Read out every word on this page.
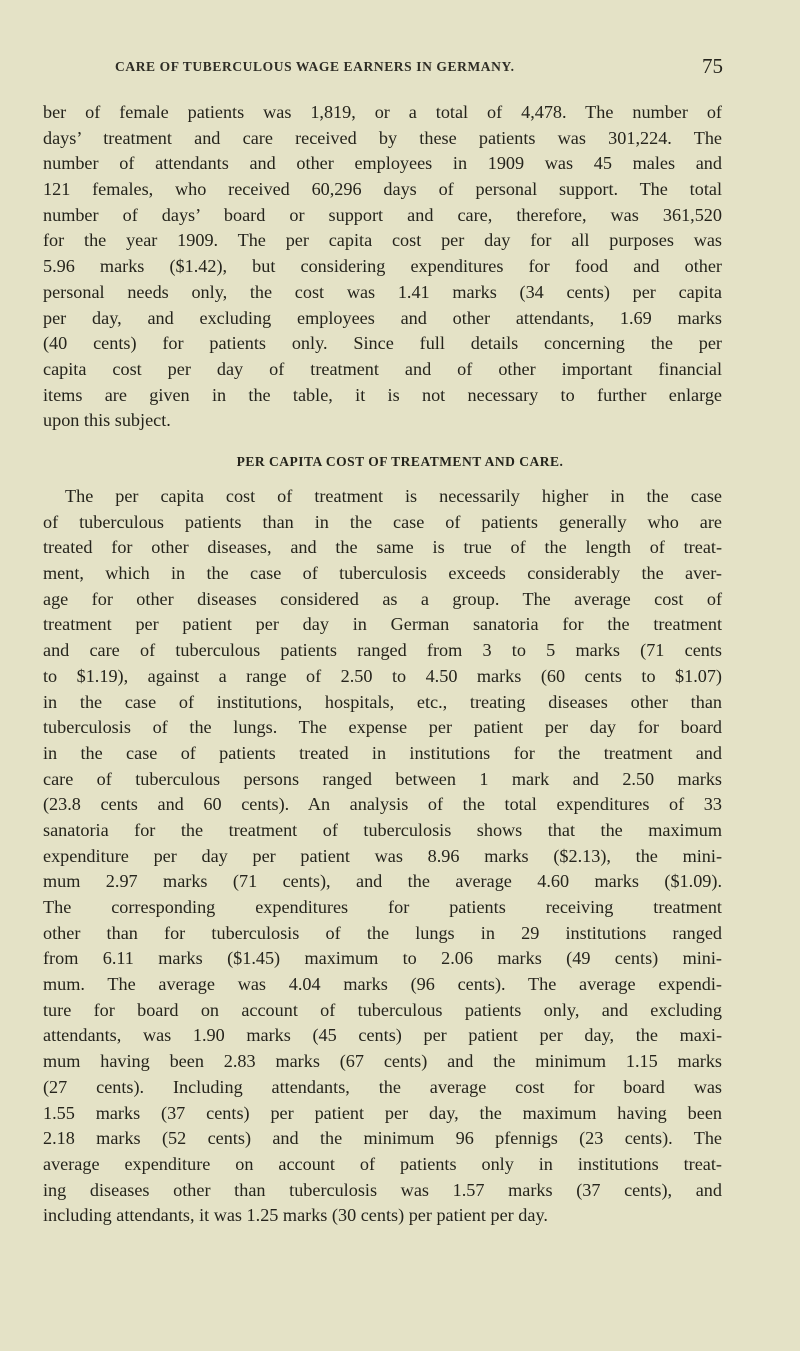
CARE OF TUBERCULOUS WAGE EARNERS IN GERMANY.	75
ber of female patients was 1,819, or a total of 4,478. The number of
days’ treatment and care received by these patients was 301,224. The
number of attendants and other employees in 1909 was 45 males and
121 females, who received 60,296 days of personal support. The total
number of days’ board or support and care, therefore, was 361,520
for the year 1909. The per capita cost per day for all purposes was
5.96 marks ($1.42), but considering expenditures for food and other
personal needs only, the cost was 1.41 marks (34 cents) per capita
per day, and excluding employees and other attendants, 1.69 marks
(40 cents) for patients only. Since full details concerning the per
capita cost per day of treatment and of other important financial
items are given in the table, it is not necessary to further enlarge
upon this subject.
PER CAPITA COST OF TREATMENT AND CARE.
The per capita cost of treatment is necessarily higher in the case
of tuberculous patients than in the case of patients generally who are
treated for other diseases, and the same is true of the length of treat-
ment, which in the case of tuberculosis exceeds considerably the aver-
age for other diseases considered as a group. The average cost of
treatment per patient per day in German sanatoria for the treatment
and care of tuberculous patients ranged from 3 to 5 marks (71 cents
to $1.19), against a range of 2.50 to 4.50 marks (60 cents to $1.07)
in the case of institutions, hospitals, etc., treating diseases other than
tuberculosis of the lungs. The expense per patient per day for board
in the case of patients treated in institutions for the treatment and
care of tuberculous persons ranged between 1 mark and 2.50 marks
(23.8 cents and 60 cents). An analysis of the total expenditures of 33
sanatoria for the treatment of tuberculosis shows that the maximum
expenditure per day per patient was 8.96 marks ($2.13), the mini-
mum 2.97 marks (71 cents), and the average 4.60 marks ($1.09).
The corresponding expenditures for patients receiving treatment
other than for tuberculosis of the lungs in 29 institutions ranged
from 6.11 marks ($1.45) maximum to 2.06 marks (49 cents) mini-
mum. The average was 4.04 marks (96 cents). The average expendi-
ture for board on account of tuberculous patients only, and excluding
attendants, was 1.90 marks (45 cents) per patient per day, the maxi-
mum having been 2.83 marks (67 cents) and the minimum 1.15 marks
(27 cents). Including attendants, the average cost for board was
1.55 marks (37 cents) per patient per day, the maximum having been
2.18 marks (52 cents) and the minimum 96 pfennigs (23 cents). The
average expenditure on account of patients only in institutions treat-
ing diseases other than tuberculosis was 1.57 marks (37 cents), and
including attendants, it was 1.25 marks (30 cents) per patient per day.
